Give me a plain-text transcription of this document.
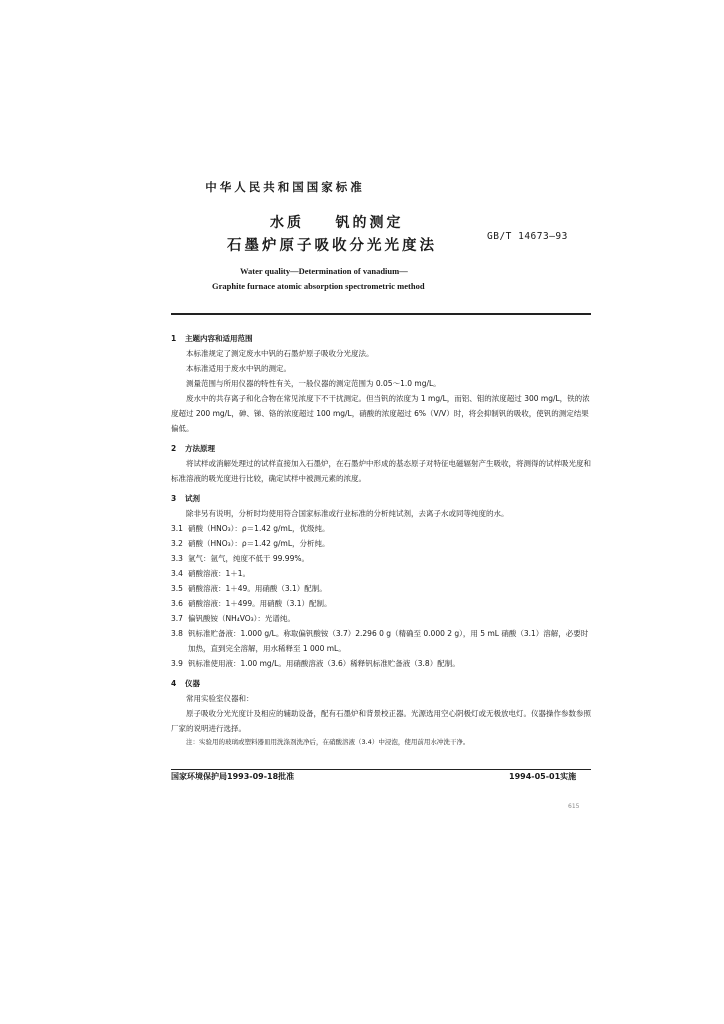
中华人民共和国国家标准
水质    钒的测定
石墨炉原子吸收分光光度法
GB/T 14673—93
Water quality—Determination of vanadium—
Graphite furnace atomic absorption spectrometric method
1 主题内容和适用范围
本标准规定了测定废水中钒的石墨炉原子吸收分光度法。
本标准适用于废水中钒的测定。
测量范围与所用仪器的特性有关，一般仪器的测定范围为 0.05～1.0 mg/L。
废水中的共存离子和化合物在常见浓度下不干扰测定。但当钒的浓度为 1 mg/L，而铝、钼的浓度超过 300 mg/L，铁的浓度超过 200 mg/L，砷、锑、铬的浓度超过 100 mg/L，硝酸的浓度超过 6%（V/V）时，将会抑制钒的吸收，使钒的测定结果偏低。
2 方法原理
将试样或消解处理过的试样直接加入石墨炉，在石墨炉中形成的基态原子对特征电磁辐射产生吸收，将测得的试样吸光度和标准溶液的吸光度进行比较，确定试样中被测元素的浓度。
3 试剂
除非另有说明，分析时均使用符合国家标准或行业标准的分析纯试剂，去离子水或同等纯度的水。
3.1 硝酸（HNO₃）：ρ＝1.42 g/mL，优级纯。
3.2 硝酸（HNO₃）：ρ＝1.42 g/mL，分析纯。
3.3 氩气：氩气，纯度不低于 99.99%。
3.4 硝酸溶液：1＋1。
3.5 硝酸溶液：1＋49。用硝酸（3.1）配制。
3.6 硝酸溶液：1＋499。用硝酸（3.1）配制。
3.7 偏钒酸铵（NH₄VO₃）：光谱纯。
3.8 钒标准贮备液：1.000 g/L。称取偏钒酸铵（3.7）2.296 0 g（精确至 0.000 2 g），用 5 mL 硝酸（3.1）溶解，必要时加热，直到完全溶解，用水稀释至 1 000 mL。
3.9 钒标准使用液：1.00 mg/L。用硝酸溶液（3.6）稀释钒标准贮备液（3.8）配制。
4 仪器
常用实验室仪器和：
原子吸收分光光度计及相应的辅助设备，配有石墨炉和背景校正器。光源选用空心阴极灯或无极放电灯。仪器操作参数参照厂家的说明进行选择。
注：实验用的玻璃或塑料器皿用洗涤剂洗净后，在硝酸溶液（3.4）中浸泡，使用前用水冲洗干净。
国家环境保护局1993-09-18批准	1994-05-01实施
615
